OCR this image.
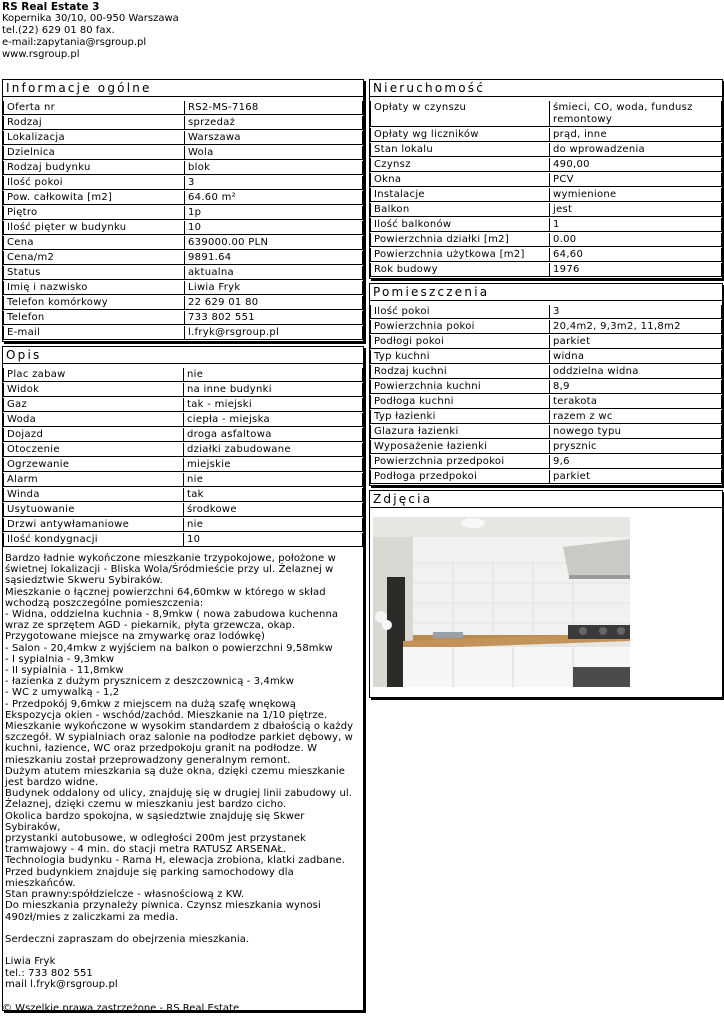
RS Real Estate 3
Kopernika 30/10, 00-950 Warszawa
tel.(22) 629 01 80 fax.
e-mail:zapytania@rsgroup.pl
www.rsgroup.pl
Informacje ogólne
Oferta nr	RS2-MS-7168
Rodzaj	sprzedaż
Lokalizacja	Warszawa
Dzielnica	Wola
Rodzaj budynku	blok
Ilość pokoi	3
Pow. całkowita [m2]	64.60 m²
Piętro	1p
Ilość pięter w budynku	10
Cena	639000.00 PLN
Cena/m2	9891.64
Status	aktualna
Imię i nazwisko	Liwia Fryk
Telefon komórkowy	22 629 01 80
Telefon	733 802 551
E-mail	l.fryk@rsgroup.pl
Opis
Plac zabaw	nie
Widok	na inne budynki
Gaz	tak - miejski
Woda	ciepła - miejska
Dojazd	droga asfaltowa
Otoczenie	działki zabudowane
Ogrzewanie	miejskie
Alarm	nie
Winda	tak
Usytuowanie	środkowe
Drzwi antywłamaniowe	nie
Ilość kondygnacji	10
Bardzo ładnie wykończone mieszkanie trzypokojowe, położone w
świetnej lokalizacji - Bliska Wola/Śródmieście przy ul. Żelaznej w
sąsiedztwie Skweru Sybiraków.
Mieszkanie o łącznej powierzchni 64,60mkw w którego w skład
wchodzą poszczególne pomieszczenia:
- Widna, oddzielna kuchnia - 8,9mkw ( nowa zabudowa kuchenna
wraz ze sprzętem AGD - piekarnik, płyta grzewcza, okap.
Przygotowane miejsce na zmywarkę oraz lodówkę)
- Salon - 20,4mkw z wyjściem na balkon o powierzchni 9,58mkw
- I sypialnia - 9,3mkw
- II sypialnia - 11,8mkw
- łazienka z dużym prysznicem z deszczownicą - 3,4mkw
- WC z umywalką - 1,2
- Przedpokój 9,6mkw z miejscem na dużą szafę wnękową
Ekspozycja okien - wschód/zachód. Mieszkanie na 1/10 piętrze.
Mieszkanie wykończone w wysokim standardem z dbałością o każdy
szczegół. W sypialniach oraz salonie na podłodze parkiet dębowy, w
kuchni, łazience, WC oraz przedpokoju granit na podłodze. W
mieszkaniu został przeprowadzony generalnym remont.
Dużym atutem mieszkania są duże okna, dzięki czemu mieszkanie
jest bardzo widne.
Budynek oddalony od ulicy, znajduję się w drugiej linii zabudowy ul.
Żelaznej, dzięki czemu w mieszkaniu jest bardzo cicho.
Okolica bardzo spokojna, w sąsiedztwie znajduję się Skwer Sybiraków,
przystanki autobusowe, w odległości 200m jest przystanek
tramwajowy - 4 min. do stacji metra RATUSZ ARSENAŁ.
Technologia budynku - Rama H, elewacja zrobiona, klatki zadbane.
Przed budynkiem znajduje się parking samochodowy dla
mieszkańców.
Stan prawny:spółdzielcze - własnościową z KW.
Do mieszkania przynależy piwnica. Czynsz mieszkania wynosi
490zł/mies z zaliczkami za media.

Serdeczni zapraszam do obejrzenia mieszkania.

Liwia Fryk
tel.: 733 802 551
mail l.fryk@rsgroup.pl
Nieruchomość
Opłaty w czynszu	śmieci, CO, woda, fundusz remontowy
Opłaty wg liczników	prąd, inne
Stan lokalu	do wprowadzenia
Czynsz	490,00
Okna	PCV
Instalacje	wymienione
Balkon	jest
Ilość balkonów	1
Powierzchnia działki [m2]	0.00
Powierzchnia użytkowa [m2]	64,60
Rok budowy	1976
Pomieszczenia
Ilość pokoi	3
Powierzchnia pokoi	20,4m2, 9,3m2, 11,8m2
Podłogi pokoi	parkiet
Typ kuchni	widna
Rodzaj kuchni	oddzielna widna
Powierzchnia kuchni	8,9
Podłoga kuchni	terakota
Typ łazienki	razem z wc
Glazura łazienki	nowego typu
Wyposażenie łazienki	prysznic
Powierzchnia przedpokoi	9,6
Podłoga przedpokoi	parkiet
Zdjęcia
© Wszelkie prawa zastrzeżone - RS Real Estate
